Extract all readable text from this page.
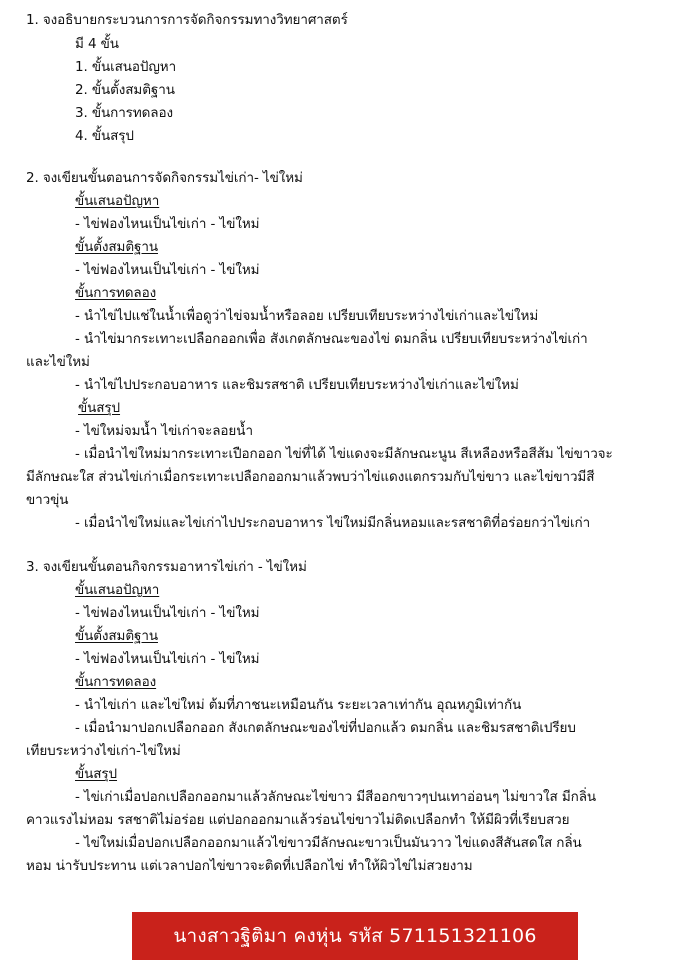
1. จงอธิบายกระบวนการการจัดกิจกรรมทางวิทยาศาสตร์
มี 4 ขั้น
1. ขั้นเสนอปัญหา
2. ขั้นตั้งสมติฐาน
3. ขั้นการทดลอง
4. ขั้นสรุป
2. จงเขียนขั้นตอนการจัดกิจกรรมไข่เก่า- ไข่ใหม่
ขั้นเสนอปัญหา
- ไข่ฟองไหนเป็นไข่เก่า - ไข่ใหม่
ขั้นตั้งสมติฐาน
- ไข่ฟองไหนเป็นไข่เก่า - ไข่ใหม่
ขั้นการทดลอง
- นำไข่ไปแช่ในน้ำเพื่อดูว่าไข่จมน้ำหรือลอย เปรียบเทียบระหว่างไข่เก่าและไข่ใหม่
- นำไข่มากระเทาะเปลือกออกเพื่อ สังเกตลักษณะของไข่ ดมกลิ่น เปรียบเทียบระหว่างไข่เก่า
และไข่ใหม่
- นำไข่ไปประกอบอาหาร และชิมรสชาติ เปรียบเทียบระหว่างไข่เก่าและไข่ใหม่
ขั้นสรุป
- ไข่ใหม่จมน้ำ ไข่เก่าจะลอยน้ำ
- เมื่อนำไข่ใหม่มากระเทาะเปือกออก ไข่ที่ได้ ไข่แดงจะมีลักษณะนูน สีเหลืองหรือสีส้ม ไข่ขาวจะ
มีลักษณะใส ส่วนไข่เก่าเมื่อกระเทาะเปลือกออกมาแล้วพบว่าไข่แดงแตกรวมกับไข่ขาว และไข่ขาวมีสี
ขาวขุ่น
- เมื่อนำไข่ใหม่และไข่เก่าไปประกอบอาหาร ไข่ใหม่มีกลิ่นหอมและรสชาติที่อร่อยกว่าไข่เก่า
3. จงเขียนขั้นตอนกิจกรรมอาหารไข่เก่า - ไข่ใหม่
ขั้นเสนอปัญหา
- ไข่ฟองไหนเป็นไข่เก่า - ไข่ใหม่
ขั้นตั้งสมติฐาน
- ไข่ฟองไหนเป็นไข่เก่า - ไข่ใหม่
ขั้นการทดลอง
- นำไข่เก่า และไข่ใหม่ ต้มที่ภาชนะเหมือนกัน ระยะเวลาเท่ากัน อุณหภูมิเท่ากัน
- เมื่อนำมาปอกเปลือกออก สังเกตลักษณะของไข่ที่ปอกแล้ว ดมกลิ่น และชิมรสชาติเปรียบ
เทียบระหว่างไข่เก่า-ไข่ใหม่
ขั้นสรุป
- ไข่เก่าเมื่อปอกเปลือกออกมาแล้วลักษณะไข่ขาว มีสีออกขาวๆปนเทาอ่อนๆ ไม่ขาวใส มีกลิ่น
คาวแรงไม่หอม รสชาติไม่อร่อย แต่ปอกออกมาแล้วร่อนไข่ขาวไม่ติดเปลือกทำ ให้มีผิวที่เรียบสวย
- ไข่ใหม่เมื่อปอกเปลือกออกมาแล้วไข่ขาวมีลักษณะขาวเป็นมันวาว ไข่แดงสีสันสดใส กลิ่น
หอม น่ารับประทาน แต่เวลาปอกไข่ขาวจะติดที่เปลือกไข่ ทำให้ผิวไข่ไม่สวยงาม
นางสาวฐิติมา คงหุ่น รหัส 571151321106
